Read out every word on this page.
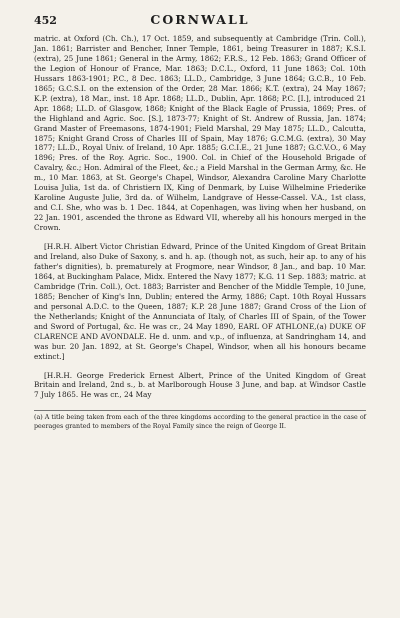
452	CORNWALL

matric. at Oxford (Ch. Ch.), 17 Oct. 1859, and subsequently at Cambridge (Trin. Coll.), Jan. 1861; Barrister and Bencher, Inner Temple, 1861, being Treasurer in 1887; K.S.I. (extra), 25 June 1861; General in the Army, 1862; F.R.S., 12 Feb. 1863; Grand Officer of the Legion of Honour of France, Mar. 1863; D.C.L., Oxford, 11 June 1863; Col. 10th Hussars 1863-1901; P.C., 8 Dec. 1863; LL.D., Cambridge, 3 June 1864; G.C.B., 10 Feb. 1865; G.C.S.I. on the extension of the Order, 28 Mar. 1866; K.T. (extra), 24 May 1867; K.P. (extra), 18 Mar., inst. 18 Apr. 1868; LL.D., Dublin, Apr. 1868; P.C. [I.], introduced 21 Apr. 1868; LL.D. of Glasgow, 1868; Knight of the Black Eagle of Prussia, 1869; Pres. of the Highland and Agric. Soc. [S.], 1873-77; Knight of St. Andrew of Russia, Jan. 1874; Grand Master of Freemasons, 1874-1901; Field Marshal, 29 May 1875; LL.D., Calcutta, 1875; Knight Grand Cross of Charles III of Spain, May 1876; G.C.M.G. (extra), 30 May 1877; LL.D., Royal Univ. of Ireland, 10 Apr. 1885; G.C.I.E., 21 June 1887; G.C.V.O., 6 May 1896; Pres. of the Roy. Agric. Soc., 1900. Col. in Chief of the Household Brigade of Cavalry, &c.; Hon. Admiral of the Fleet, &c.; a Field Marshal in the German Army, &c. He m., 10 Mar. 1863, at St. George's Chapel, Windsor, Alexandra Caroline Mary Charlotte Louisa Julia, 1st da. of Christiern IX, King of Denmark, by Luise Wilhelmine Friederike Karoline Auguste Julie, 3rd da. of Wilhelm, Landgrave of Hesse-Cassel. V.A., 1st class, and C.I. She, who was b. 1 Dec. 1844, at Copenhagen, was living when her husband, on 22 Jan. 1901, ascended the throne as Edward VII, whereby all his honours merged in the Crown.

[H.R.H. Albert Victor Christian Edward, Prince of the United Kingdom of Great Britain and Ireland, also Duke of Saxony, s. and h. ap. (though not, as such, heir ap. to any of his father's dignities), b. prematurely at Frogmore, near Windsor, 8 Jan., and bap. 10 Mar. 1864, at Buckingham Palace, Midx. Entered the Navy 1877; K.G. 11 Sep. 1883; matric. at Cambridge (Trin. Coll.), Oct. 1883; Barrister and Bencher of the Middle Temple, 10 June, 1885; Bencher of King's Inn, Dublin; entered the Army, 1886; Capt. 10th Royal Hussars and personal A.D.C. to the Queen, 1887; K.P. 28 June 1887; Grand Cross of the Lion of the Netherlands; Knight of the Annunciata of Italy, of Charles III of Spain, of the Tower and Sword of Portugal, &c. He was cr., 24 May 1890, EARL OF ATHLONE,(a) DUKE OF CLARENCE AND AVONDALE. He d. unm. and v.p., of influenza, at Sandringham 14, and was bur. 20 Jan. 1892, at St. George's Chapel, Windsor, when all his honours became extinct.]

[H.R.H. George Frederick Ernest Albert, Prince of the United Kingdom of Great Britain and Ireland, 2nd s., b. at Marlborough House 3 June, and bap. at Windsor Castle 7 July 1865. He was cr., 24 May

(a) A title being taken from each of the three kingdoms according to the general practice in the case of peerages granted to members of the Royal Family since the reign of George II.
